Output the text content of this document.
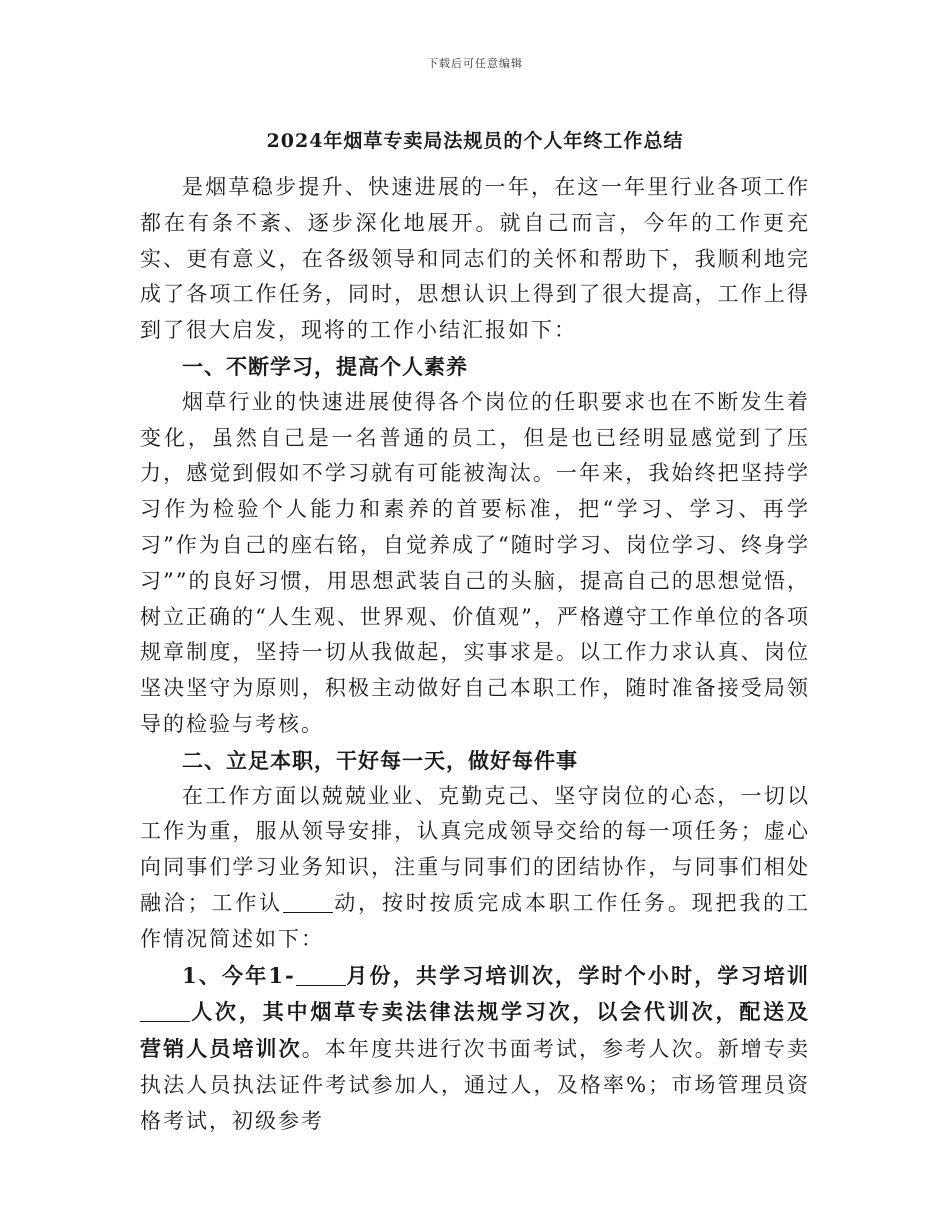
下载后可任意编辑
2024年烟草专卖局法规员的个人年终工作总结

是烟草稳步提升、快速进展的一年，在这一年里行业各项工作都在有条不紊、逐步深化地展开。就自己而言，今年的工作更充实、更有意义，在各级领导和同志们的关怀和帮助下，我顺利地完成了各项工作任务，同时，思想认识上得到了很大提高，工作上得到了很大启发，现将的工作小结汇报如下：

一、不断学习，提高个人素养

烟草行业的快速进展使得各个岗位的任职要求也在不断发生着变化，虽然自己是一名普通的员工，但是也已经明显感觉到了压力，感觉到假如不学习就有可能被淘汰。一年来，我始终把坚持学习作为检验个人能力和素养的首要标准，把“学习、学习、再学习”作为自己的座右铭，自觉养成了“随时学习、岗位学习、终身学习””的良好习惯，用思想武装自己的头脑，提高自己的思想觉悟，树立正确的“人生观、世界观、价值观”，严格遵守工作单位的各项规章制度，坚持一切从我做起，实事求是。以工作力求认真、岗位坚决坚守为原则，积极主动做好自己本职工作，随时准备接受局领导的检验与考核。

二、立足本职，干好每一天，做好每件事

在工作方面以兢兢业业、克勤克己、坚守岗位的心态，一切以工作为重，服从领导安排，认真完成领导交给的每一项任务；虚心向同事们学习业务知识，注重与同事们的团结协作，与同事们相处融洽；工作认 动，按时按质完成本职工作任务。现把我的工作情况简述如下：

1、今年1- 月份，共学习培训次，学时个小时，学习培训人次，其中烟草专卖法律法规学习次，以会代训次，配送及营销人员培训次。本年度共进行次书面考试，参考人次。新增专卖执法人员执法证件考试参加人，通过人，及格率%；市场管理员资格考试，初级参考
